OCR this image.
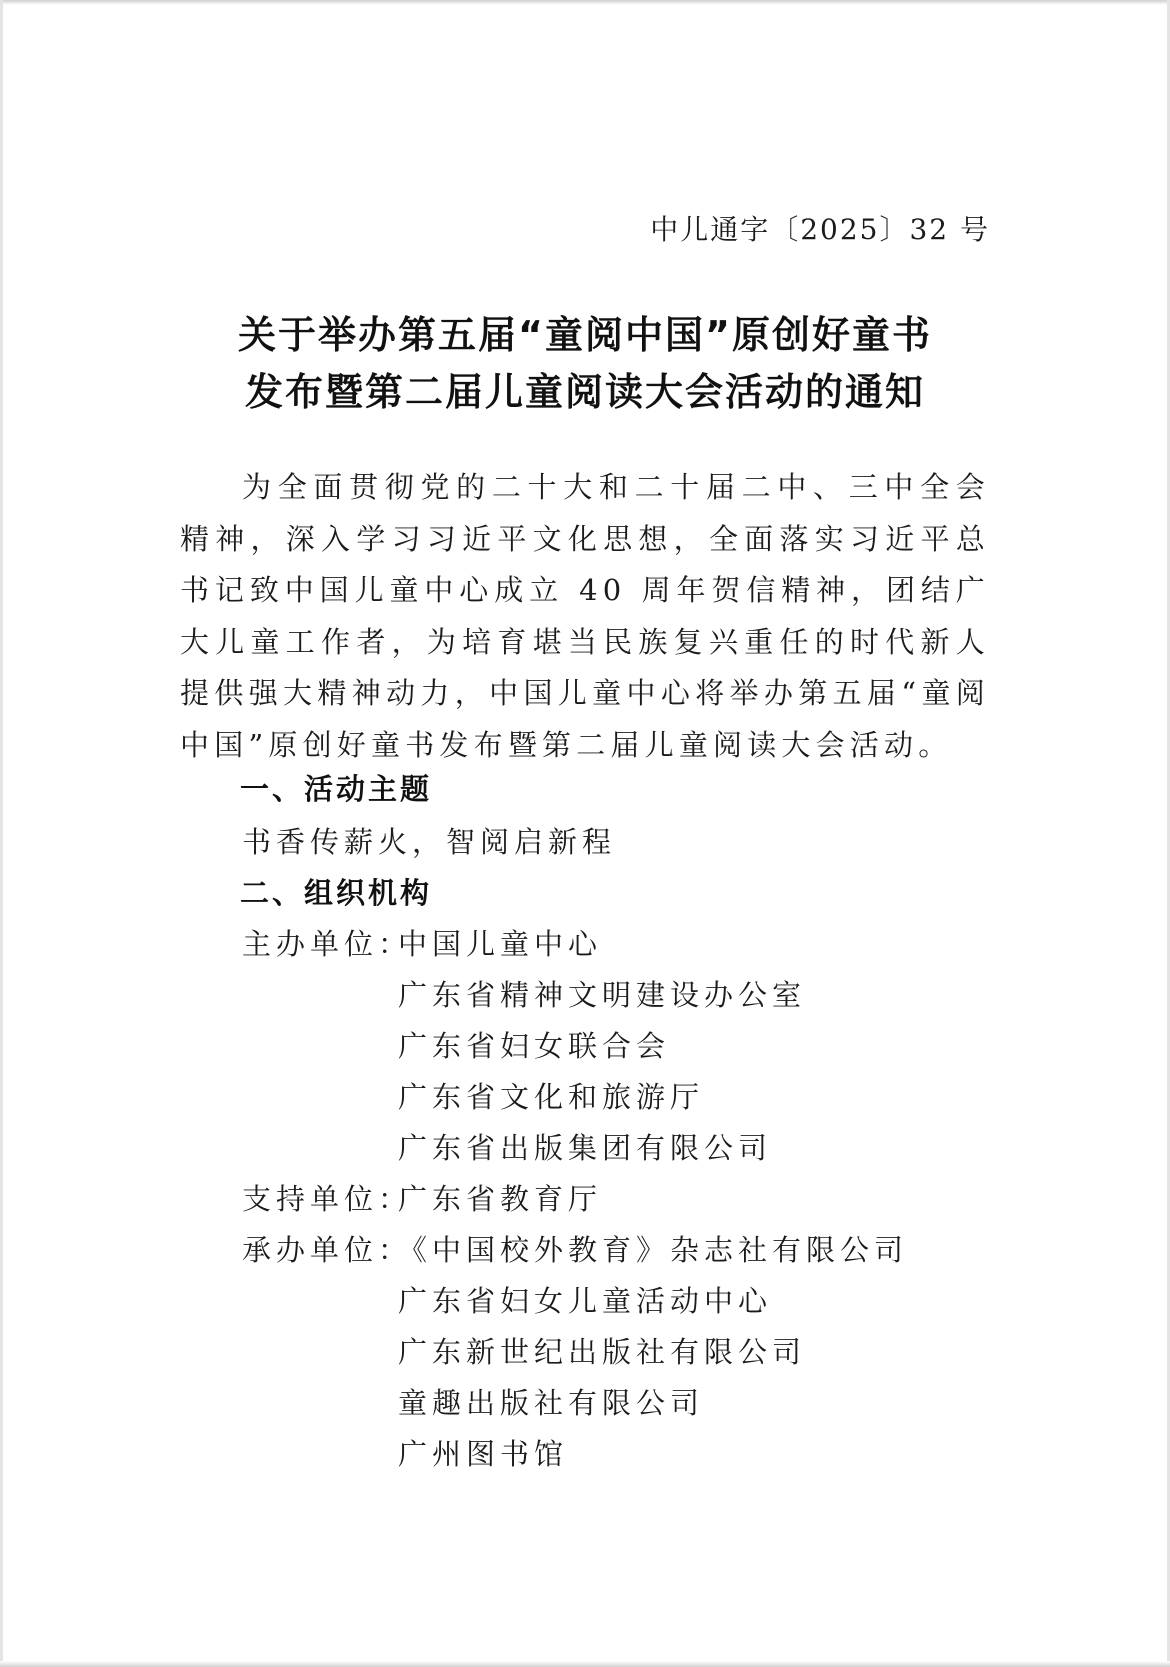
中儿通字〔2025〕32 号
关于举办第五届“童阅中国”原创好童书
发布暨第二届儿童阅读大会活动的通知
为全面贯彻党的二十大和二十届二中、三中全会精神，深入学习习近平文化思想，全面落实习近平总书记致中国儿童中心成立 40 周年贺信精神，团结广大儿童工作者，为培育堪当民族复兴重任的时代新人提供强大精神动力，中国儿童中心将举办第五届“童阅中国”原创好童书发布暨第二届儿童阅读大会活动。
一、活动主题
书香传薪火，智阅启新程
二、组织机构
主办单位：
中国儿童中心
广东省精神文明建设办公室
广东省妇女联合会
广东省文化和旅游厅
广东省出版集团有限公司
支持单位：
广东省教育厅
承办单位：
《中国校外教育》杂志社有限公司
广东省妇女儿童活动中心
广东新世纪出版社有限公司
童趣出版社有限公司
广州图书馆
